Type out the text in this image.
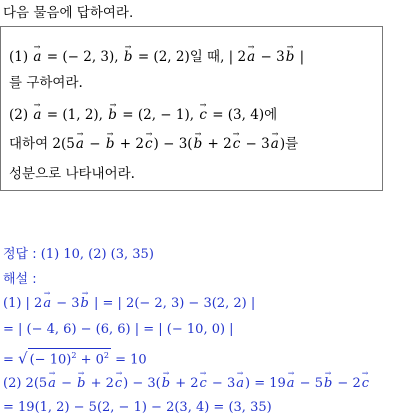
다음 물음에 답하여라.
(1) → a = (− 2, 3), → b = (2, 2)일 때, | 2→ a − 3→ b |
를 구하여라.
(2) → a = (1, 2), → b = (2, − 1), → c = (3, 4)에
대하여 2(5→ a − → b + 2→ c) − 3(→ b + 2→ c − 3→ a)를
성분으로 나타내어라.
정답 : (1) 10, (2) (3, 35)
해설 :
(1) | 2→ a − 3→ b | = | 2(− 2, 3) − 3(2, 2) |
= | (− 4, 6) − (6, 6) | = | (− 10, 0) |
= √ (− $10)^2 + 0^2 = 10$
(2) 2(5→ a − → b + 2→ c) − 3(→ b + 2→ c − 3→ a) = 19→ a − 5→ b − 2→ c
= 19(1, 2) − 5(2, − 1) − 2(3, 4) = (3, 35)
